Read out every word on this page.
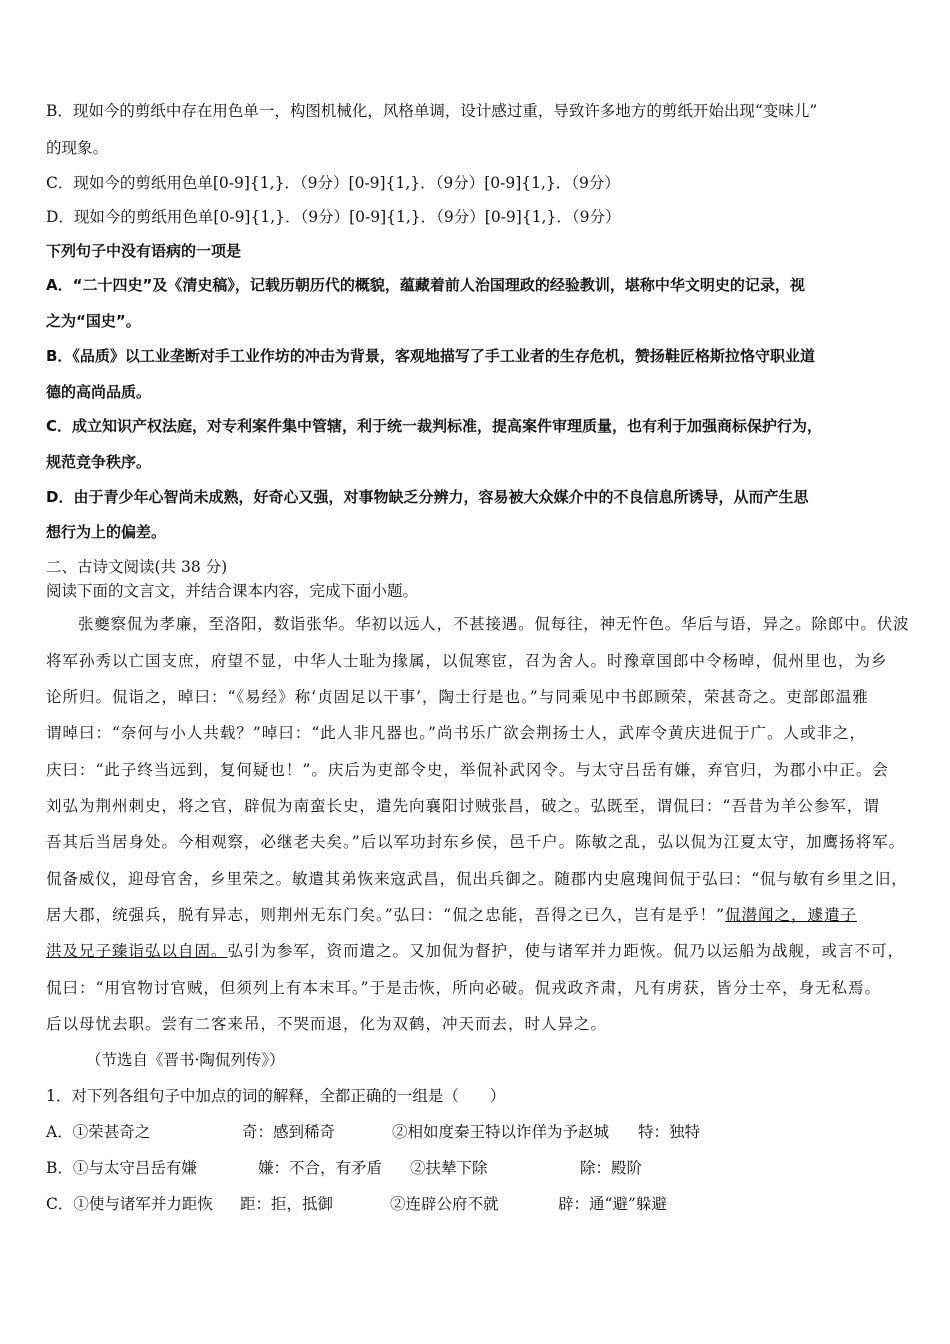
B．现如今的剪纸中存在用色单一，构图机械化，风格单调，设计感过重，导致许多地方的剪纸开始出现“变味儿”
的现象。
C．现如今的剪纸用色单[0-9]{1,}．（9分）[0-9]{1,}．（9分）[0-9]{1,}．（9分）
D．现如今的剪纸用色单[0-9]{1,}．（9分）[0-9]{1,}．（9分）[0-9]{1,}．（9分）
下列句子中没有语病的一项是
A．“二十四史”及《清史稿》，记载历朝历代的概貌，蕴藏着前人治国理政的经验教训，堪称中华文明史的记录，视
之为“国史”。
B．《品质》以工业垄断对手工业作坊的冲击为背景，客观地描写了手工业者的生存危机，赞扬鞋匠格斯拉恪守职业道
德的高尚品质。
C．成立知识产权法庭，对专利案件集中管辖，利于统一裁判标准，提高案件审理质量，也有利于加强商标保护行为，
规范竞争秩序。
D．由于青少年心智尚未成熟，好奇心又强，对事物缺乏分辨力，容易被大众媒介中的不良信息所诱导，从而产生思
想行为上的偏差。
二、古诗文阅读(共 38 分)
阅读下面的文言文，并结合课本内容，完成下面小题。
张夔察侃为孝廉，至洛阳，数诣张华。华初以远人，不甚接遇。侃每往，神无忤色。华后与语，异之。除郎中。伏波
将军孙秀以亡国支庶，府望不显，中华人士耻为掾属，以侃寒宦，召为舍人。时豫章国郎中令杨晫，侃州里也，为乡
论所归。侃诣之，晫曰：“《易经》称‘贞固足以干事’，陶士行是也。”与同乘见中书郎顾荣，荣甚奇之。吏部郎温雅
谓晫曰：“奈何与小人共载？”晫曰：“此人非凡器也。”尚书乐广欲会荆扬士人，武库令黄庆进侃于广。人或非之，
庆曰：“此子终当远到，复何疑也！”。庆后为吏部令史，举侃补武冈令。与太守吕岳有嫌，弃官归，为郡小中正。会
刘弘为荆州刺史，将之官，辟侃为南蛮长史，遣先向襄阳讨贼张昌，破之。弘既至，谓侃曰：“吾昔为羊公参军，谓
吾其后当居身处。今相观察，必继老夫矣。”后以军功封东乡侯，邑千户。陈敏之乱，弘以侃为江夏太守，加鹰扬将军。
侃备威仪，迎母官舍，乡里荣之。敏遣其弟恢来寇武昌，侃出兵御之。随郡内史扈瑰间侃于弘曰：“侃与敏有乡里之旧，
居大郡，统强兵，脱有异志，则荆州无东门矣。”弘曰：“侃之忠能，吾得之已久，岂有是乎！”侃潜闻之，遽遣子
洪及兄子臻诣弘以自固。弘引为参军，资而遣之。又加侃为督护，使与诸军并力距恢。侃乃以运船为战舰，或言不可，
侃曰：“用官物讨官贼，但须列上有本末耳。”于是击恢，所向必破。侃戎政齐肃，凡有虏获，皆分士卒，身无私焉。
后以母忧去职。尝有二客来吊，不哭而退，化为双鹤，冲天而去，时人异之。
（节选自《晋书·陶侃列传》）
1．对下列各组句子中加点的词的解释，全都正确的一组是（　　）
A．①荣甚奇之	奇：感到稀奇	②相如度秦王特以诈佯为予赵城 特：独特
B．①与太守吕岳有嫌	嫌：不合，有矛盾 ②扶辇下除	除：殿阶
C．①使与诸军并力距恢 距：拒，抵御	②连辟公府不就	辟：通“避”躲避
